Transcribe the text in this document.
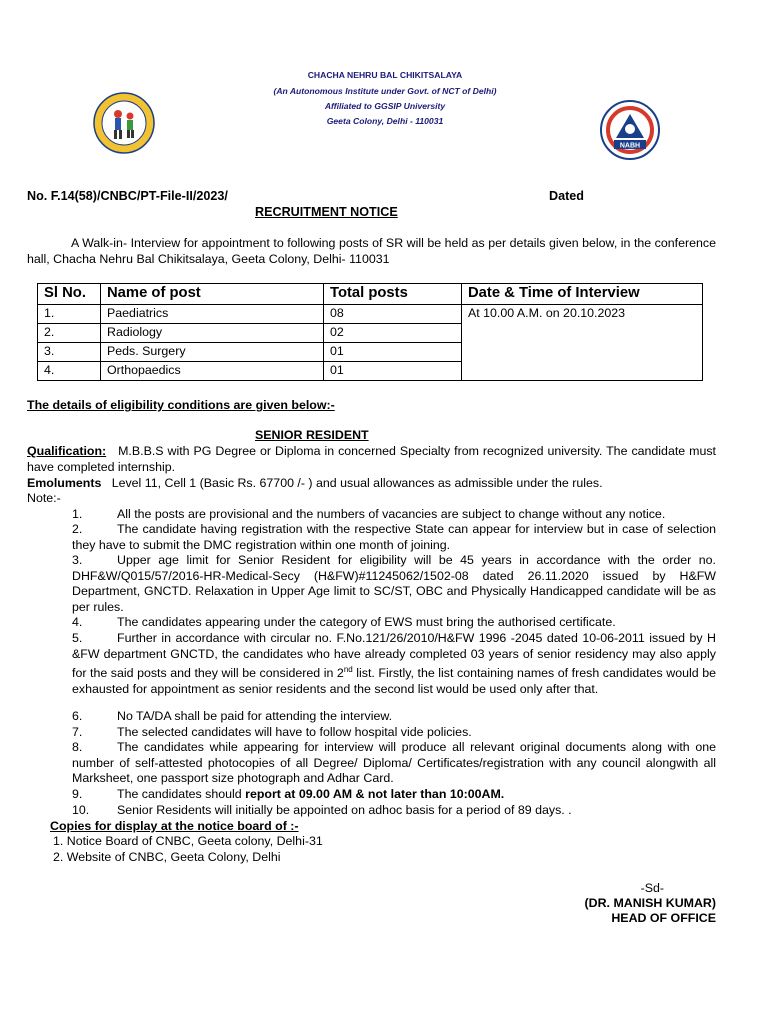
CHACHA NEHRU BAL CHIKITSALAYA
(An Autonomous Institute under Govt. of NCT of Delhi)
Affiliated to GGSIP University
Geeta Colony, Delhi - 110031
NABH
No. F.14(58)/CNBC/PT-File-II/2023/	Dated
RECRUITMENT NOTICE
A Walk-in- Interview for appointment to following posts of SR will be held as per details given below, in the conference hall, Chacha Nehru Bal Chikitsalaya, Geeta Colony, Delhi- 110031
Sl No.	Name of post	Total posts	Date & Time of Interview
1.	Paediatrics	08	At 10.00 A.M. on 20.10.2023
2.	Radiology	02	
3.	Peds. Surgery	01	
4.	Orthopaedics	01	
The details of eligibility conditions are given below:-
SENIOR RESIDENT
Qualification: M.B.B.S with PG Degree or Diploma in concerned Specialty from recognized university. The candidate must have completed internship.
Emoluments Level 11, Cell 1 (Basic Rs. 67700 /- ) and usual allowances as admissible under the rules.
Note:-
1.	All the posts are provisional and the numbers of vacancies are subject to change without any notice.
2.	The candidate having registration with the respective State can appear for interview but in case of selection they have to submit the DMC registration within one month of joining.
3.	Upper age limit for Senior Resident for eligibility will be 45 years in accordance with the order no. DHF&W/Q015/57/2016-HR-Medical-Secy (H&FW)#11245062/1502-08 dated 26.11.2020 issued by H&FW Department, GNCTD. Relaxation in Upper Age limit to SC/ST, OBC and Physically Handicapped candidate will be as per rules.
4.	The candidates appearing under the category of EWS must bring the authorised certificate.
5.	Further in accordance with circular no. F.No.121/26/2010/H&FW 1996 -2045 dated 10-06-2011 issued by H &FW department GNCTD, the candidates who have already completed 03 years of senior residency may also apply for the said posts and they will be considered in 2nd list. Firstly, the list containing names of fresh candidates would be exhausted for appointment as senior residents and the second list would be used only after that.
6.	No TA/DA shall be paid for attending the interview.
7.	The selected candidates will have to follow hospital vide policies.
8.	The candidates while appearing for interview will produce all relevant original documents along with one number of self-attested photocopies of all Degree/ Diploma/ Certificates/registration with any council alongwith all Marksheet, one passport size photograph and Adhar Card.
9.	The candidates should report at 09.00 AM & not later than 10:00AM.
10. Senior Residents will initially be appointed on adhoc basis for a period of 89 days. .
Copies for display at the notice board of :-
1. Notice Board of CNBC, Geeta colony, Delhi-31
2. Website of CNBC, Geeta Colony, Delhi
-Sd-
(DR. MANISH KUMAR)
HEAD OF OFFICE
